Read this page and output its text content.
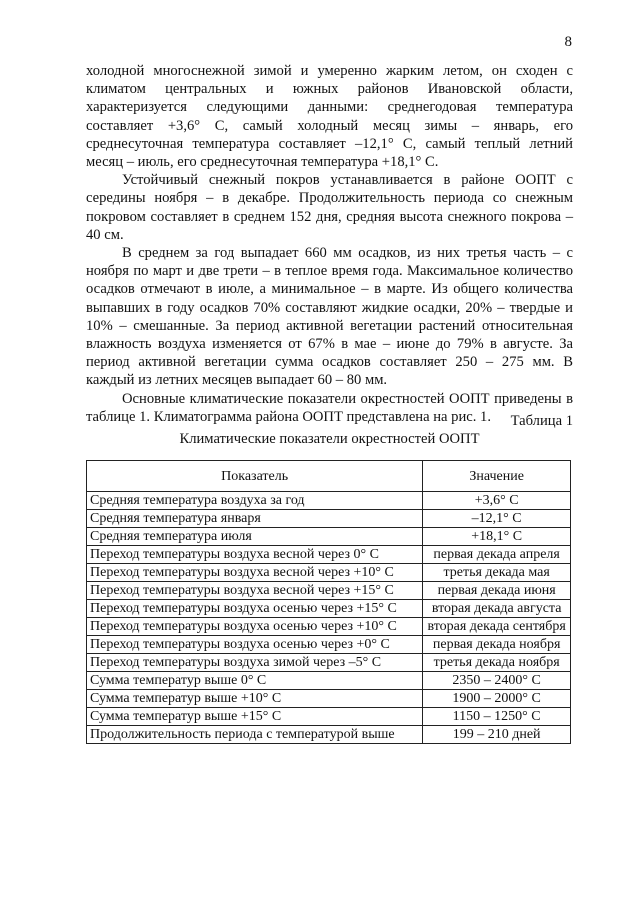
8

холодной многоснежной зимой и умеренно жарким летом, он сходен с климатом центральных и южных районов Ивановской области, характеризуется следующими данными: среднегодовая температура составляет +3,6° С, самый холодный месяц зимы – январь, его среднесуточная температура составляет –12,1° С, самый теплый летний месяц – июль, его среднесуточная температура +18,1° С.

Устойчивый снежный покров устанавливается в районе ООПТ с середины ноября – в декабре. Продолжительность периода со снежным покровом составляет в среднем 152 дня, средняя высота снежного покрова – 40 см.

В среднем за год выпадает 660 мм осадков, из них третья часть – с ноября по март и две трети – в теплое время года. Максимальное количество осадков отмечают в июле, а минимальное – в марте. Из общего количества выпавших в году осадков 70% составляют жидкие осадки, 20% – твердые и 10% – смешанные. За период активной вегетации растений относительная влажность воздуха изменяется от 67% в мае – июне до 79% в августе. За период активной вегетации сумма осадков составляет 250 – 275 мм. В каждый из летних месяцев выпадает 60 – 80 мм.

Основные климатические показатели окрестностей ООПТ приведены в таблице 1. Климатограмма района ООПТ представлена на рис. 1.	Таблица 1
Климатические показатели окрестностей ООПТ
Показатель	Значение
Средняя температура воздуха за год	+3,6° С
Средняя температура января	–12,1° С
Средняя температура июля	+18,1° С
Переход температуры воздуха весной через 0° С	первая декада апреля
Переход температуры воздуха весной через +10° С	третья декада мая
Переход температуры воздуха весной через +15° С	первая декада июня
Переход температуры воздуха осенью через +15° С	вторая декада августа
Переход температуры воздуха осенью через +10° С	вторая декада сентября
Переход температуры воздуха осенью через +0° С	первая декада ноября
Переход температуры воздуха зимой через –5° С	третья декада ноября
Сумма температур выше 0° С	2350 – 2400° С
Сумма температур выше +10° С	1900 – 2000° С
Сумма температур выше +15° С	1150 – 1250° С
Продолжительность периода с температурой выше	199 – 210 дней
